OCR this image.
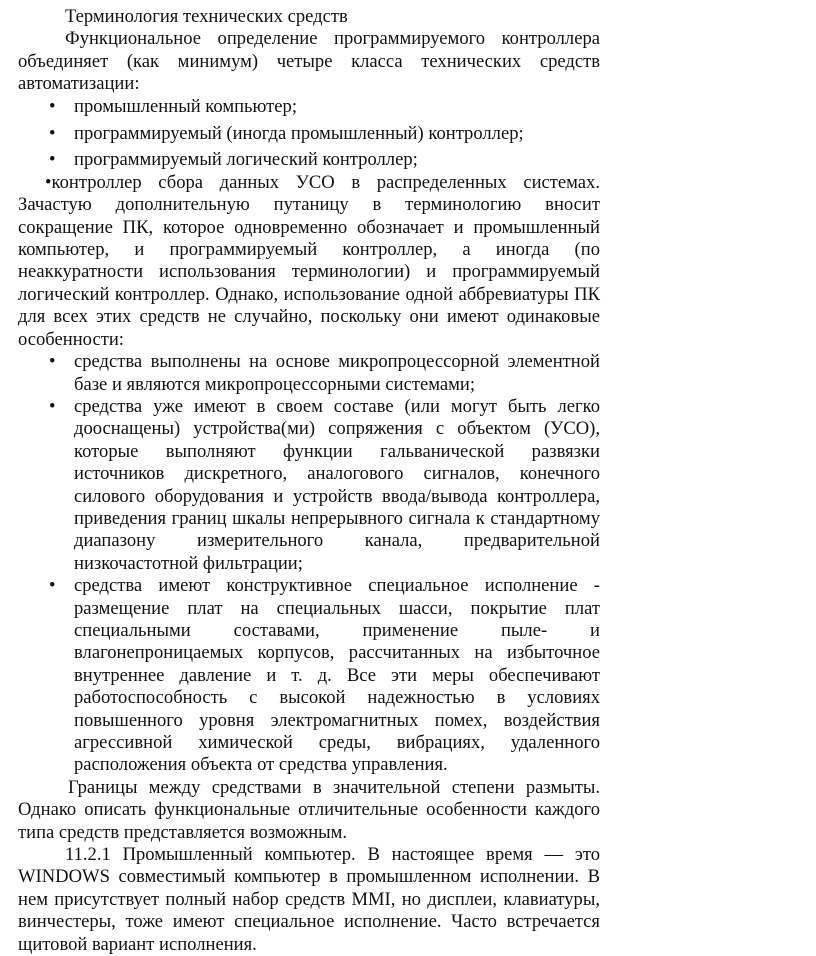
Терминология технических средств
Функциональное определение программируемого контроллера объединяет (как минимум) четыре класса технических средств автоматизации:
• промышленный компьютер;
• программируемый (иногда промышленный) контроллер;
• программируемый логический контроллер;
•контроллер сбора данных УСО в распределенных системах.
Зачастую дополнительную путаницу в терминологию вносит сокращение ПК, которое одновременно обозначает и промышленный компьютер, и программируемый контроллер, а иногда (по неаккуратности использования терминологии) и программируемый логический контроллер. Однако, использование одной аббревиатуры ПК для всех этих средств не случайно, поскольку они имеют одинаковые особенности:
• средства выполнены на основе микропроцессорной элементной базе и являются микропроцессорными системами;
• средства уже имеют в своем составе (или могут быть легко дооснащены) устройства(ми) сопряжения с объектом (УСО), которые выполняют функции гальванической развязки источников дискретного, аналогового сигналов, конечного силового оборудования и устройств ввода/вывода контроллера, приведения границ шкалы непрерывного сигнала к стандартному диапазону измерительного канала, предварительной низкочастотной фильтрации;
• средства имеют конструктивное специальное исполнение - размещение плат на специальных шасси, покрытие плат специальными составами, применение пыле- и влагонепроницаемых корпусов, рассчитанных на избыточное внутреннее давление и т. д. Все эти меры обеспечивают работоспособность с высокой надежностью в условиях повышенного уровня электромагнитных помех, воздействия агрессивной химической среды, вибрациях, удаленного расположения объекта от средства управления.
Границы между средствами в значительной степени размыты. Однако описать функциональные отличительные особенности каждого типа средств представляется возможным.
11.2.1 Промышленный компьютер. В настоящее время — это WINDOWS совместимый компьютер в промышленном исполнении. В нем присутствует полный набор средств MMI, но дисплеи, клавиатуры, винчестеры, тоже имеют специальное исполнение. Часто встречается щитовой вариант исполнения.
